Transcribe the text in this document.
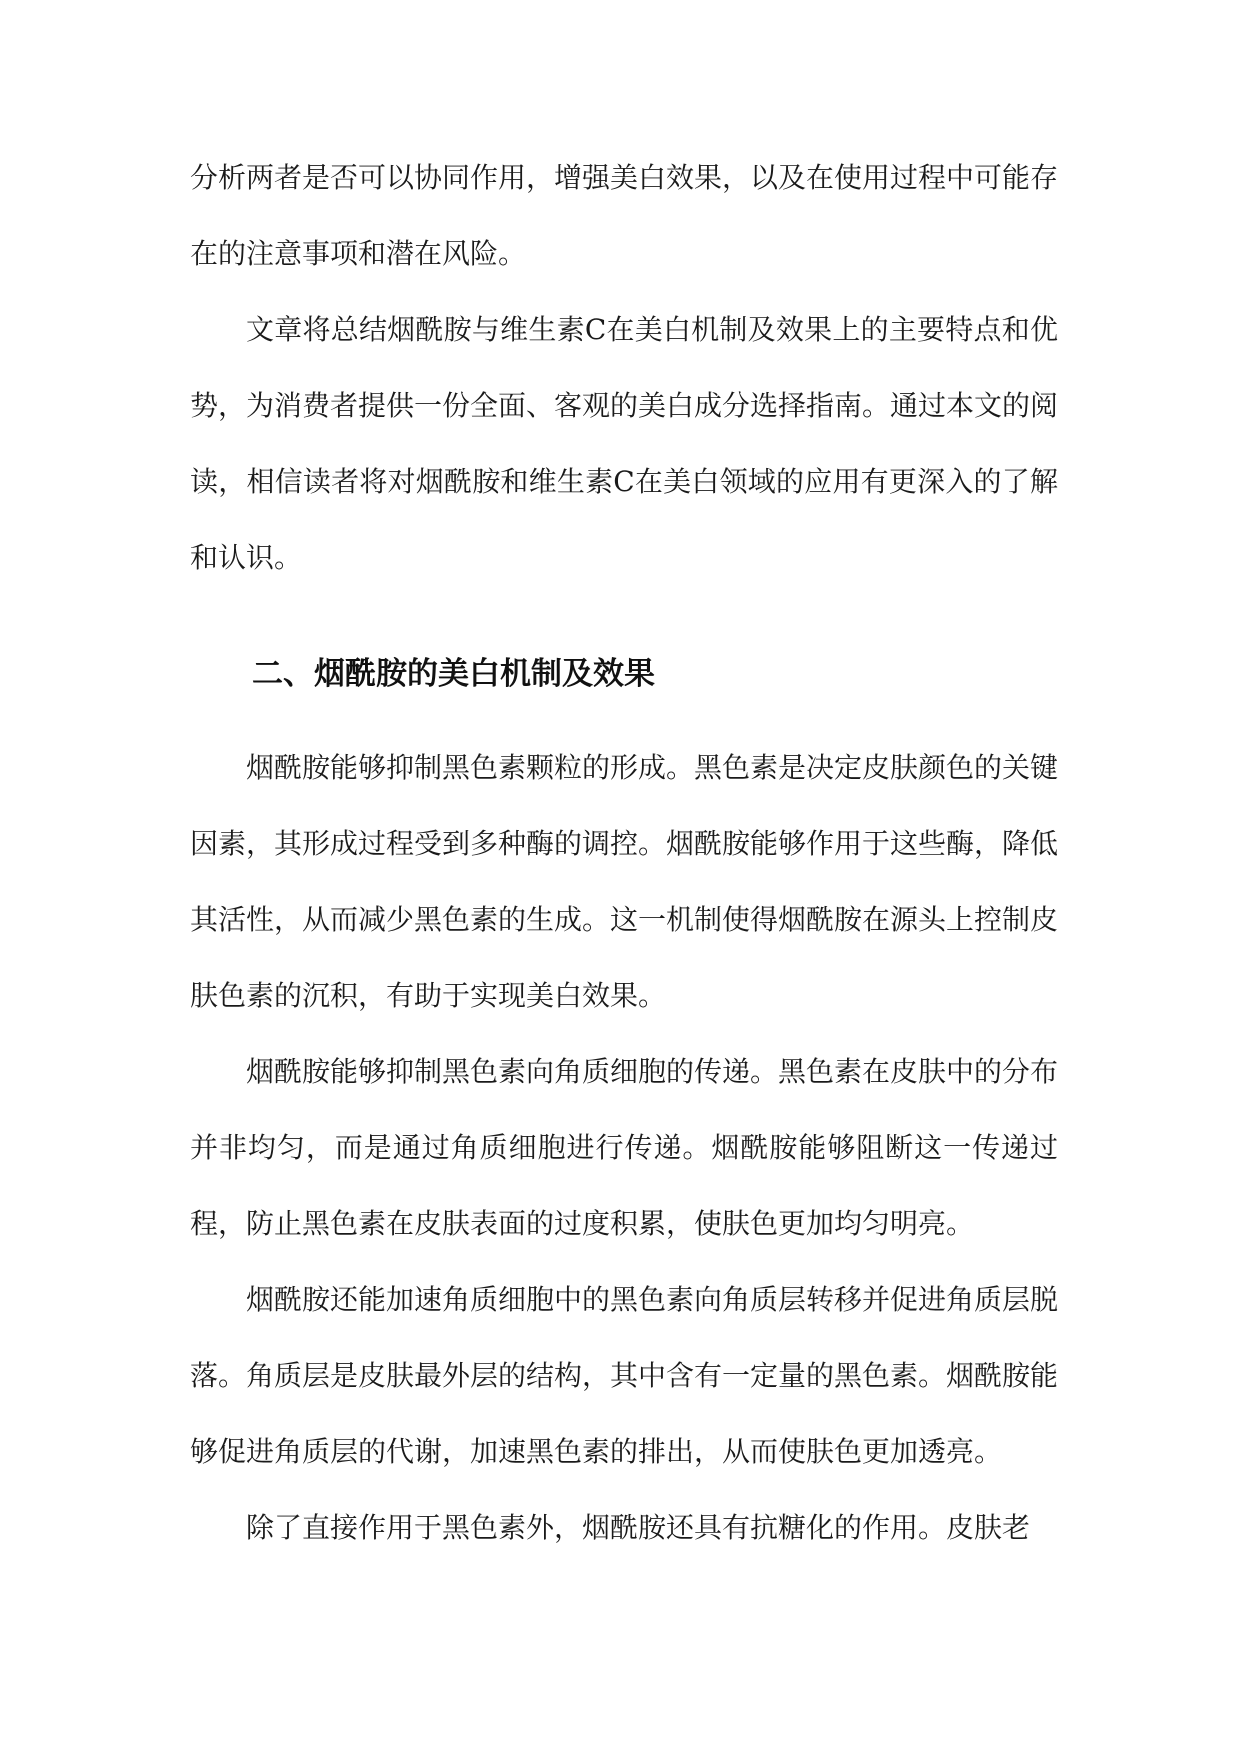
分析两者是否可以协同作用，增强美白效果，以及在使用过程中可能存在的注意事项和潜在风险。

文章将总结烟酰胺与维生素C在美白机制及效果上的主要特点和优势，为消费者提供一份全面、客观的美白成分选择指南。通过本文的阅读，相信读者将对烟酰胺和维生素C在美白领域的应用有更深入的了解和认识。

二、烟酰胺的美白机制及效果

烟酰胺能够抑制黑色素颗粒的形成。黑色素是决定皮肤颜色的关键因素，其形成过程受到多种酶的调控。烟酰胺能够作用于这些酶，降低其活性，从而减少黑色素的生成。这一机制使得烟酰胺在源头上控制皮肤色素的沉积，有助于实现美白效果。

烟酰胺能够抑制黑色素向角质细胞的传递。黑色素在皮肤中的分布并非均匀，而是通过角质细胞进行传递。烟酰胺能够阻断这一传递过程，防止黑色素在皮肤表面的过度积累，使肤色更加均匀明亮。

烟酰胺还能加速角质细胞中的黑色素向角质层转移并促进角质层脱落。角质层是皮肤最外层的结构，其中含有一定量的黑色素。烟酰胺能够促进角质层的代谢，加速黑色素的排出，从而使肤色更加透亮。

除了直接作用于黑色素外，烟酰胺还具有抗糖化的作用。皮肤老
